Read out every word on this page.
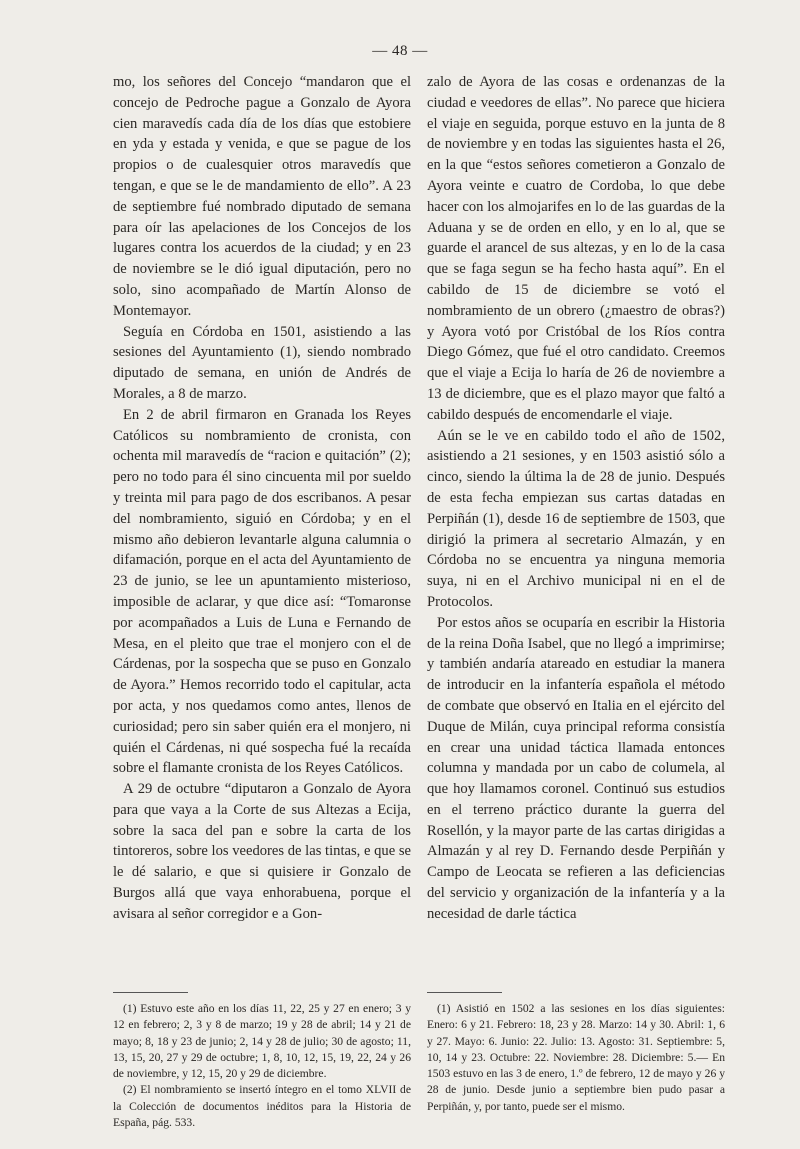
— 48 —

mo, los señores del Concejo “mandaron que el concejo de Pedroche pague a Gonzalo de Ayora cien maravedís cada día de los días que estobiere en yda y estada y venida, e que se pague de los propios o de cualesquier otros maravedís que tengan, e que se le de mandamiento de ello”. A 23 de septiembre fué nombrado diputado de semana para oír las apelaciones de los Concejos de los lugares contra los acuerdos de la ciudad; y en 23 de noviembre se le dió igual diputación, pero no solo, sino acompañado de Martín Alonso de Montemayor.

Seguía en Córdoba en 1501, asistiendo a las sesiones del Ayuntamiento (1), siendo nombrado diputado de semana, en unión de Andrés de Morales, a 8 de marzo.

En 2 de abril firmaron en Granada los Reyes Católicos su nombramiento de cronista, con ochenta mil maravedís de “racion e quitación” (2); pero no todo para él sino cincuenta mil por sueldo y treinta mil para pago de dos escribanos. A pesar del nombramiento, siguió en Córdoba; y en el mismo año debieron levantarle alguna calumnia o difamación, porque en el acta del Ayuntamiento de 23 de junio, se lee un apuntamiento misterioso, imposible de aclarar, y que dice así: “Tomaronse por acompañados a Luis de Luna e Fernando de Mesa, en el pleito que trae el monjero con el de Cárdenas, por la sospecha que se puso en Gonzalo de Ayora.” Hemos recorrido todo el capitular, acta por acta, y nos quedamos como antes, llenos de curiosidad; pero sin saber quién era el monjero, ni quién el Cárdenas, ni qué sospecha fué la recaída sobre el flamante cronista de los Reyes Católicos.

A 29 de octubre “diputaron a Gonzalo de Ayora para que vaya a la Corte de sus Altezas a Ecija, sobre la saca del pan e sobre la carta de los tintoreros, sobre los veedores de las tintas, e que se le dé salario, e que si quisiere ir Gonzalo de Burgos allá que vaya enhorabuena, porque el avisara al señor corregidor e a Gon-

zalo de Ayora de las cosas e ordenanzas de la ciudad e veedores de ellas”. No parece que hiciera el viaje en seguida, porque estuvo en la junta de 8 de noviembre y en todas las siguientes hasta el 26, en la que “estos señores cometieron a Gonzalo de Ayora veinte e cuatro de Cordoba, lo que debe hacer con los almojarifes en lo de las guardas de la Aduana y se de orden en ello, y en lo al, que se guarde el arancel de sus altezas, y en lo de la casa que se faga segun se ha fecho hasta aquí”. En el cabildo de 15 de diciembre se votó el nombramiento de un obrero (¿maestro de obras?) y Ayora votó por Cristóbal de los Ríos contra Diego Gómez, que fué el otro candidato. Creemos que el viaje a Ecija lo haría de 26 de noviembre a 13 de diciembre, que es el plazo mayor que faltó a cabildo después de encomendarle el viaje.

Aún se le ve en cabildo todo el año de 1502, asistiendo a 21 sesiones, y en 1503 asistió sólo a cinco, siendo la última la de 28 de junio. Después de esta fecha empiezan sus cartas datadas en Perpiñán (1), desde 16 de septiembre de 1503, que dirigió la primera al secretario Almazán, y en Córdoba no se encuentra ya ninguna memoria suya, ni en el Archivo municipal ni en el de Protocolos.

Por estos años se ocuparía en escribir la Historia de la reina Doña Isabel, que no llegó a imprimirse; y también andaría atareado en estudiar la manera de introducir en la infantería española el método de combate que observó en Italia en el ejército del Duque de Milán, cuya principal reforma consistía en crear una unidad táctica llamada entonces columna y mandada por un cabo de columela, al que hoy llamamos coronel. Continuó sus estudios en el terreno práctico durante la guerra del Rosellón, y la mayor parte de las cartas dirigidas a Almazán y al rey D. Fernando desde Perpiñán y Campo de Leocata se refieren a las deficiencias del servicio y organización de la infantería y a la necesidad de darle táctica

(1) Estuvo este año en los días 11, 22, 25 y 27 en enero; 3 y 12 en febrero; 2, 3 y 8 de marzo; 19 y 28 de abril; 14 y 21 de mayo; 8, 18 y 23 de junio; 2, 14 y 28 de julio; 30 de agosto; 11, 13, 15, 20, 27 y 29 de octubre; 1, 8, 10, 12, 15, 19, 22, 24 y 26 de noviembre, y 12, 15, 20 y 29 de diciembre.

(2) El nombramiento se insertó íntegro en el tomo XLVII de la Colección de documentos inéditos para la Historia de España, pág. 533.

(1) Asistió en 1502 a las sesiones en los días siguientes: Enero: 6 y 21. Febrero: 18, 23 y 28. Marzo: 14 y 30. Abril: 1, 6 y 27. Mayo: 6. Junio: 22. Julio: 13. Agosto: 31. Septiembre: 5, 10, 14 y 23. Octubre: 22. Noviembre: 28. Diciembre: 5.— En 1503 estuvo en las 3 de enero, 1.º de febrero, 12 de mayo y 26 y 28 de junio. Desde junio a septiembre bien pudo pasar a Perpiñán, y, por tanto, puede ser el mismo.
